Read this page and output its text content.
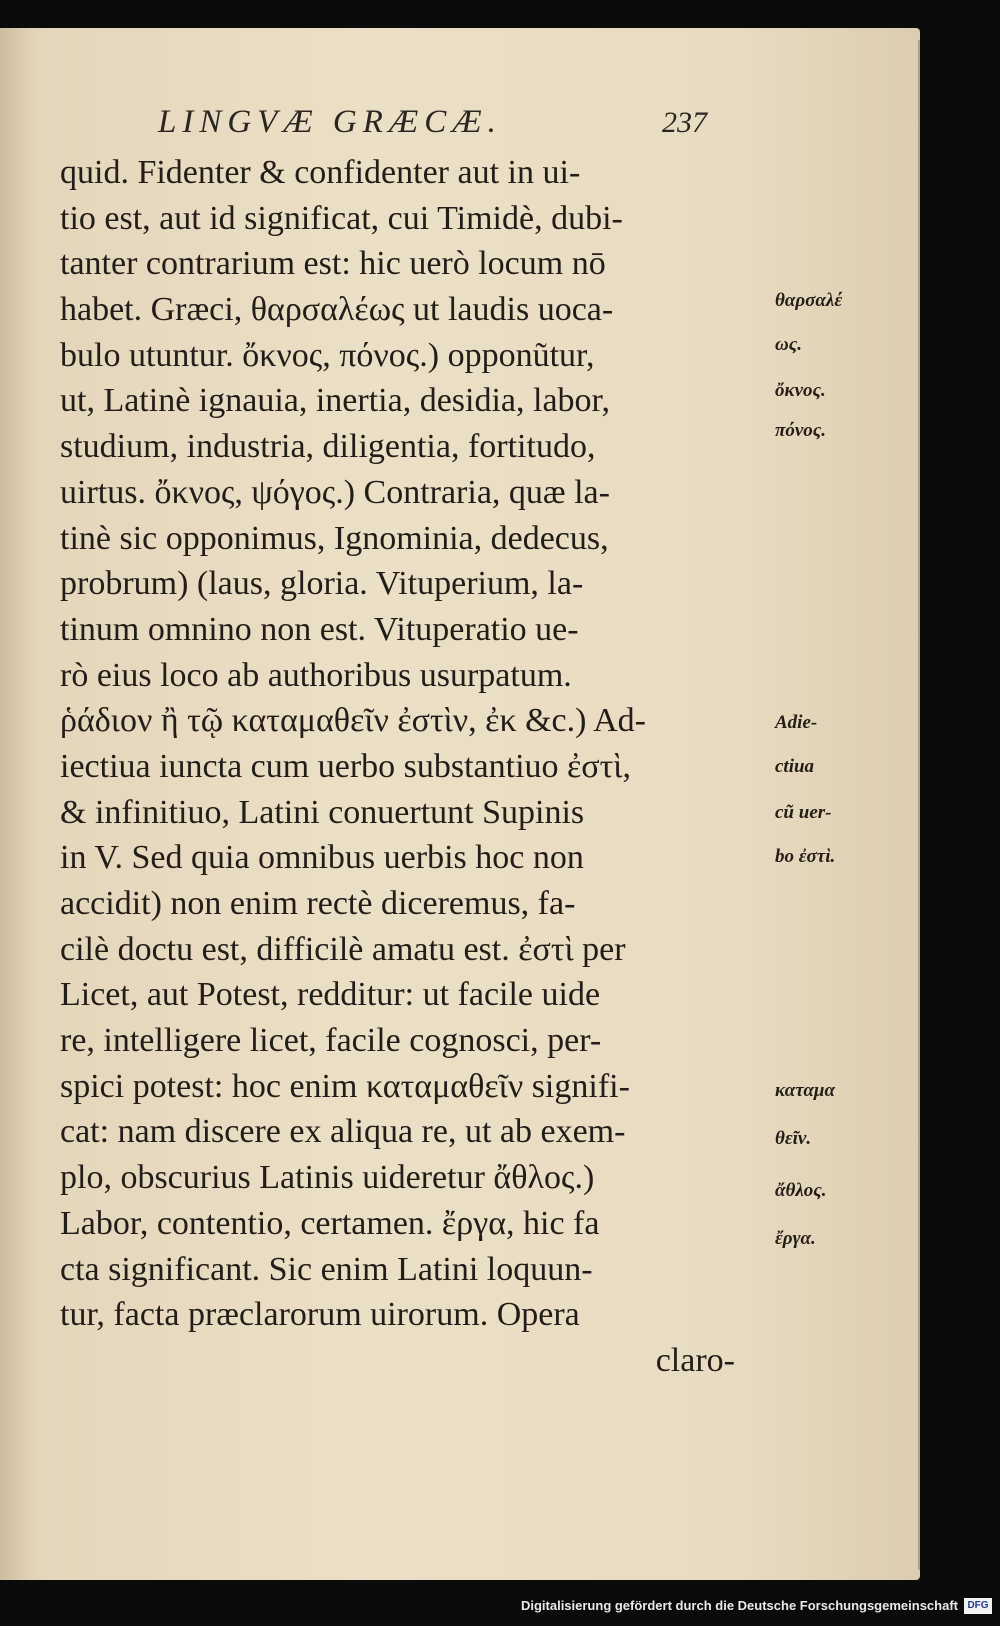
LINGVÆ GRÆCÆ.	237
quid. Fidenter & confidenter aut in ui-
tio est, aut id significat, cui Timidè, dubi-
tanter contrarium est: hic uerò locum nō
habet. Græci, θαρσαλέως ut laudis uoca-
bulo utuntur. ὄκνος, πόνος.) opponũtur,
ut, Latinè ignauia, inertia, desidia, labor,
studium, industria, diligentia, fortitudo,
uirtus. ὄκνος, ψόγος.) Contraria, quæ la-
tinè sic opponimus, Ignominia, dedecus,
probrum) (laus, gloria. Vituperium, la-
tinum omnino non est. Vituperatio ue-
rò eius loco ab authoribus usurpatum.
ῥάδιον ἢ τῷ καταμαθεῖν ἐστὶν, ἐκ &c.) Ad-
iectiua iuncta cum uerbo substantiuo ἐστὶ,
& infinitiuo, Latini conuertunt Supinis
in V. Sed quia omnibus uerbis hoc non
accidit) non enim rectè diceremus, fa-
cilè doctu est, difficilè amatu est. ἐστὶ per
Licet, aut Potest, redditur: ut facile uide
re, intelligere licet, facile cognosci, per-
spici potest: hoc enim καταμαθεῖν signifi-
cat: nam discere ex aliqua re, ut ab exem-
plo, obscurius Latinis uideretur ἄθλος.)
Labor, contentio, certamen. ἔργα, hic fa
cta significant. Sic enim Latini loquun-
tur, facta præclarorum uirorum. Opera
claro-
θαρσαλέ
ως.
ὄκνος.
πόνος.
Adie-
ctiua
cũ uer-
bo ἐστὶ.
καταμα
θεῖν.
ἄθλος.
ἔργα.
Digitalisierung gefördert durch die Deutsche Forschungsgemeinschaft DFG
